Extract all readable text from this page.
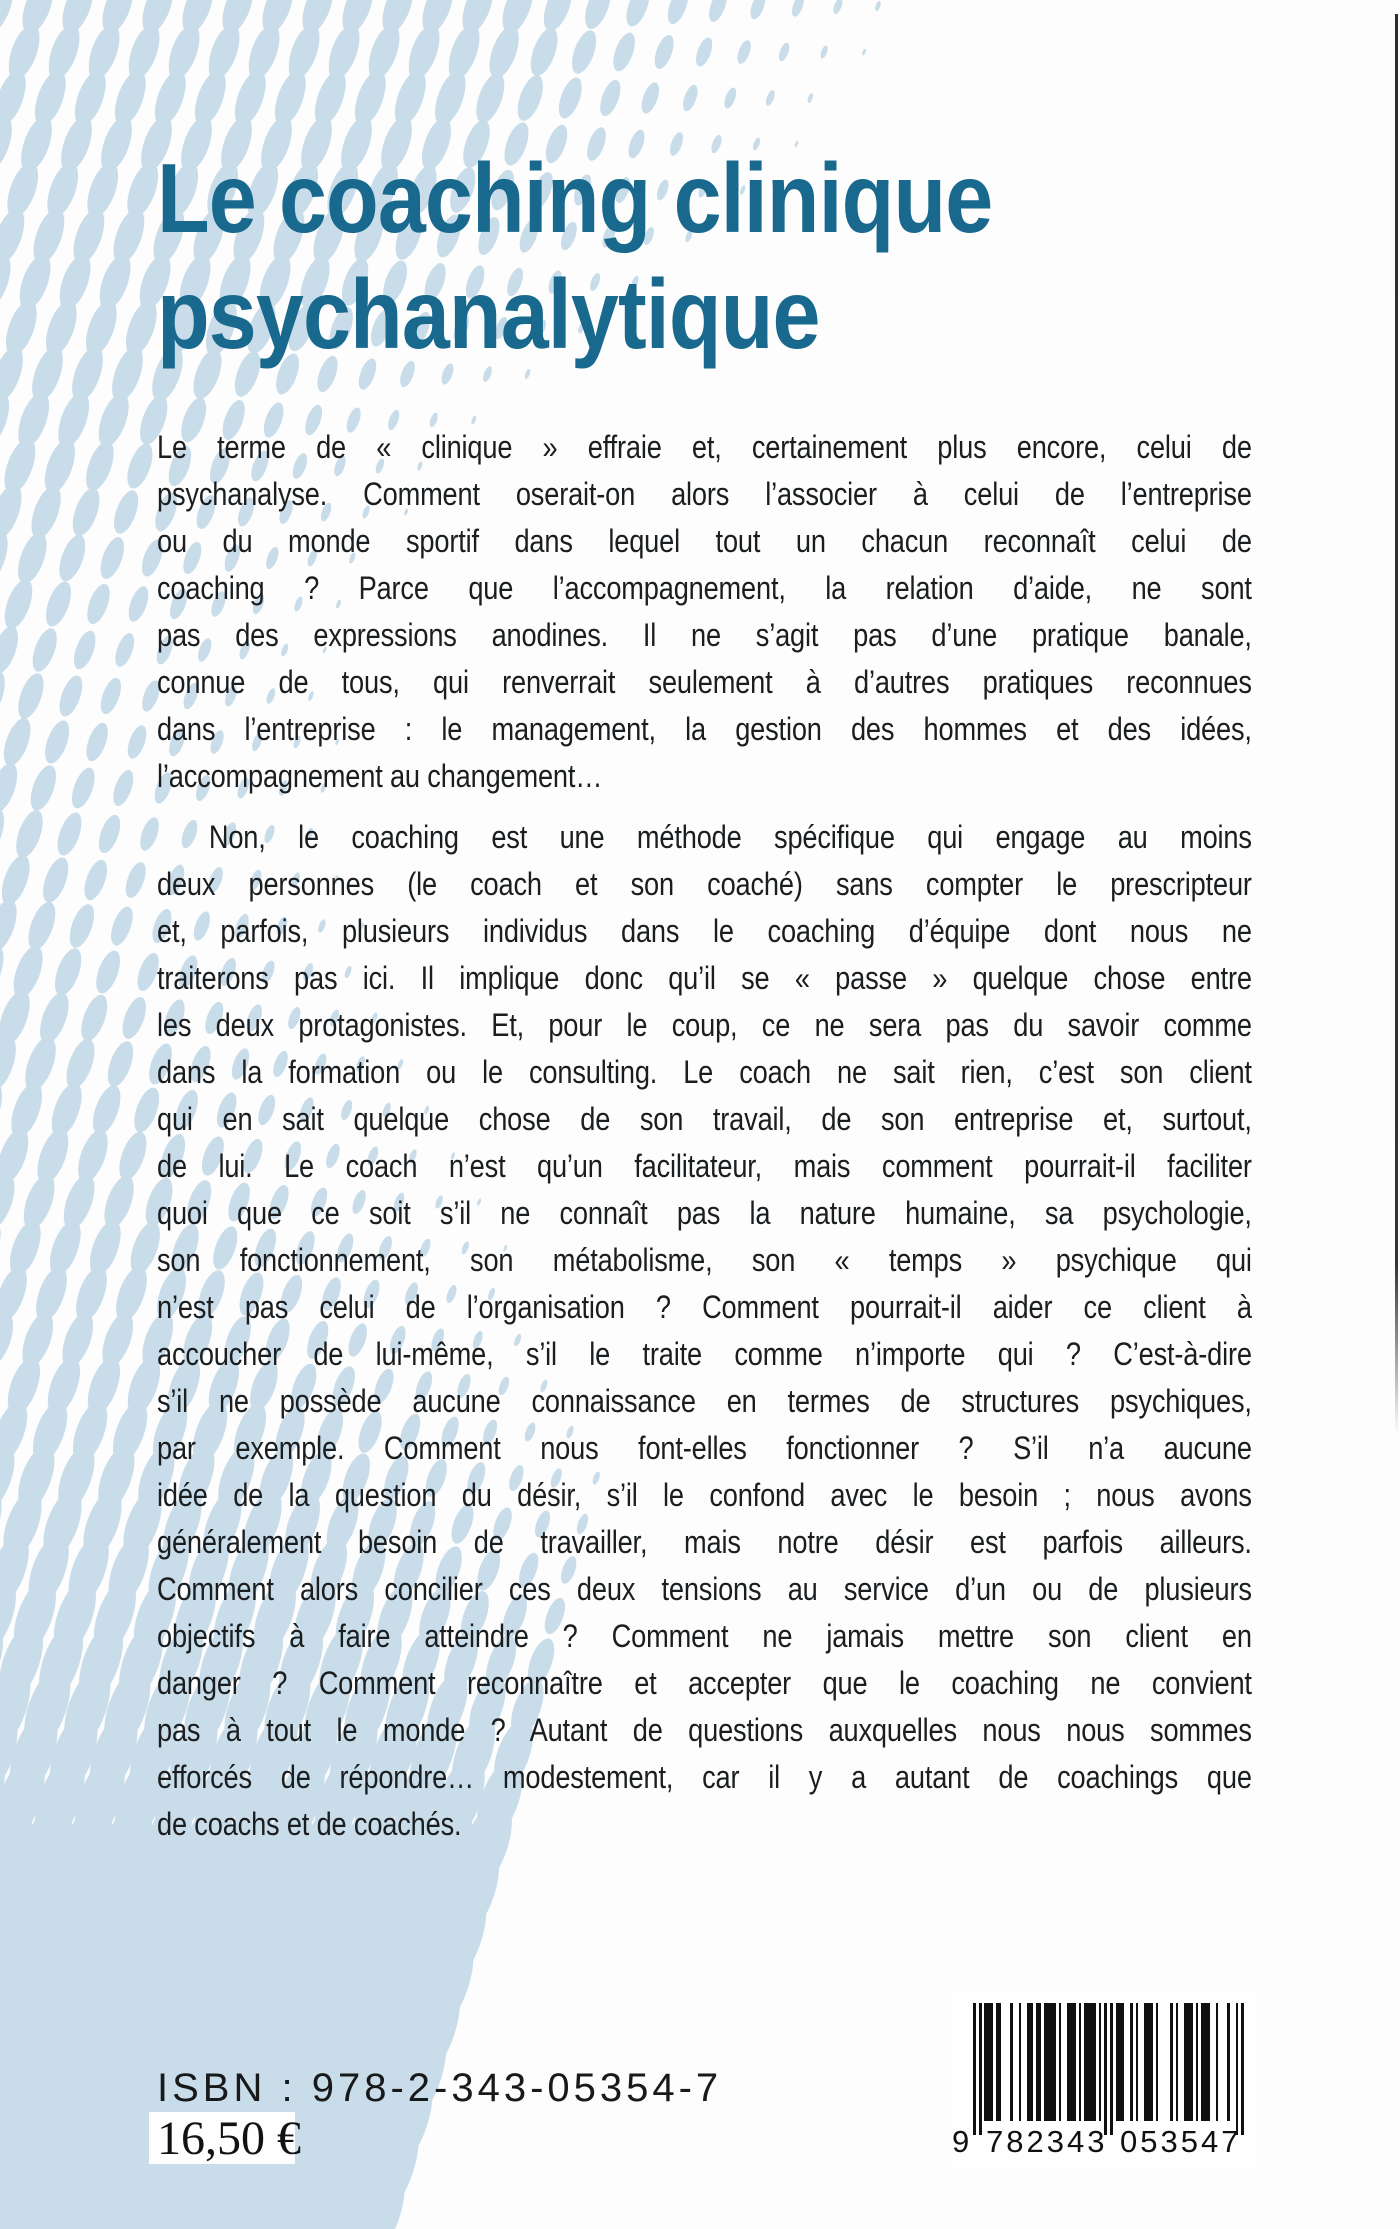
Le coaching clinique
psychanalytique
Le terme de « clinique » effraie et, certainement plus encore, celui de
psychanalyse. Comment oserait-on alors l’associer à celui de l’entreprise
ou du monde sportif dans lequel tout un chacun reconnaît celui de
coaching ? Parce que l’accompagnement, la relation d’aide, ne sont
pas des expressions anodines. Il ne s’agit pas d’une pratique banale,
connue de tous, qui renverrait seulement à d’autres pratiques reconnues
dans l’entreprise : le management, la gestion des hommes et des idées,
l’accompagnement au changement…
Non, le coaching est une méthode spécifique qui engage au moins
deux personnes (le coach et son coaché) sans compter le prescripteur
et, parfois, plusieurs individus dans le coaching d’équipe dont nous ne
traiterons pas ici. Il implique donc qu’il se « passe » quelque chose entre
les deux protagonistes. Et, pour le coup, ce ne sera pas du savoir comme
dans la formation ou le consulting. Le coach ne sait rien, c’est son client
qui en sait quelque chose de son travail, de son entreprise et, surtout,
de lui. Le coach n’est qu’un facilitateur, mais comment pourrait-il faciliter
quoi que ce soit s’il ne connaît pas la nature humaine, sa psychologie,
son fonctionnement, son métabolisme, son « temps » psychique qui
n’est pas celui de l’organisation ? Comment pourrait-il aider ce client à
accoucher de lui-même, s’il le traite comme n’importe qui ? C’est-à-dire
s’il ne possède aucune connaissance en termes de structures psychiques,
par exemple. Comment nous font-elles fonctionner ? S’il n’a aucune
idée de la question du désir, s’il le confond avec le besoin ; nous avons
généralement besoin de travailler, mais notre désir est parfois ailleurs.
Comment alors concilier ces deux tensions au service d’un ou de plusieurs
objectifs à faire atteindre ? Comment ne jamais mettre son client en
danger ? Comment reconnaître et accepter que le coaching ne convient
pas à tout le monde ? Autant de questions auxquelles nous nous sommes
efforcés de répondre… modestement, car il y a autant de coachings que
de coachs et de coachés.
ISBN : 978-2-343-05354-7
16,50 €	9 782343 053547
